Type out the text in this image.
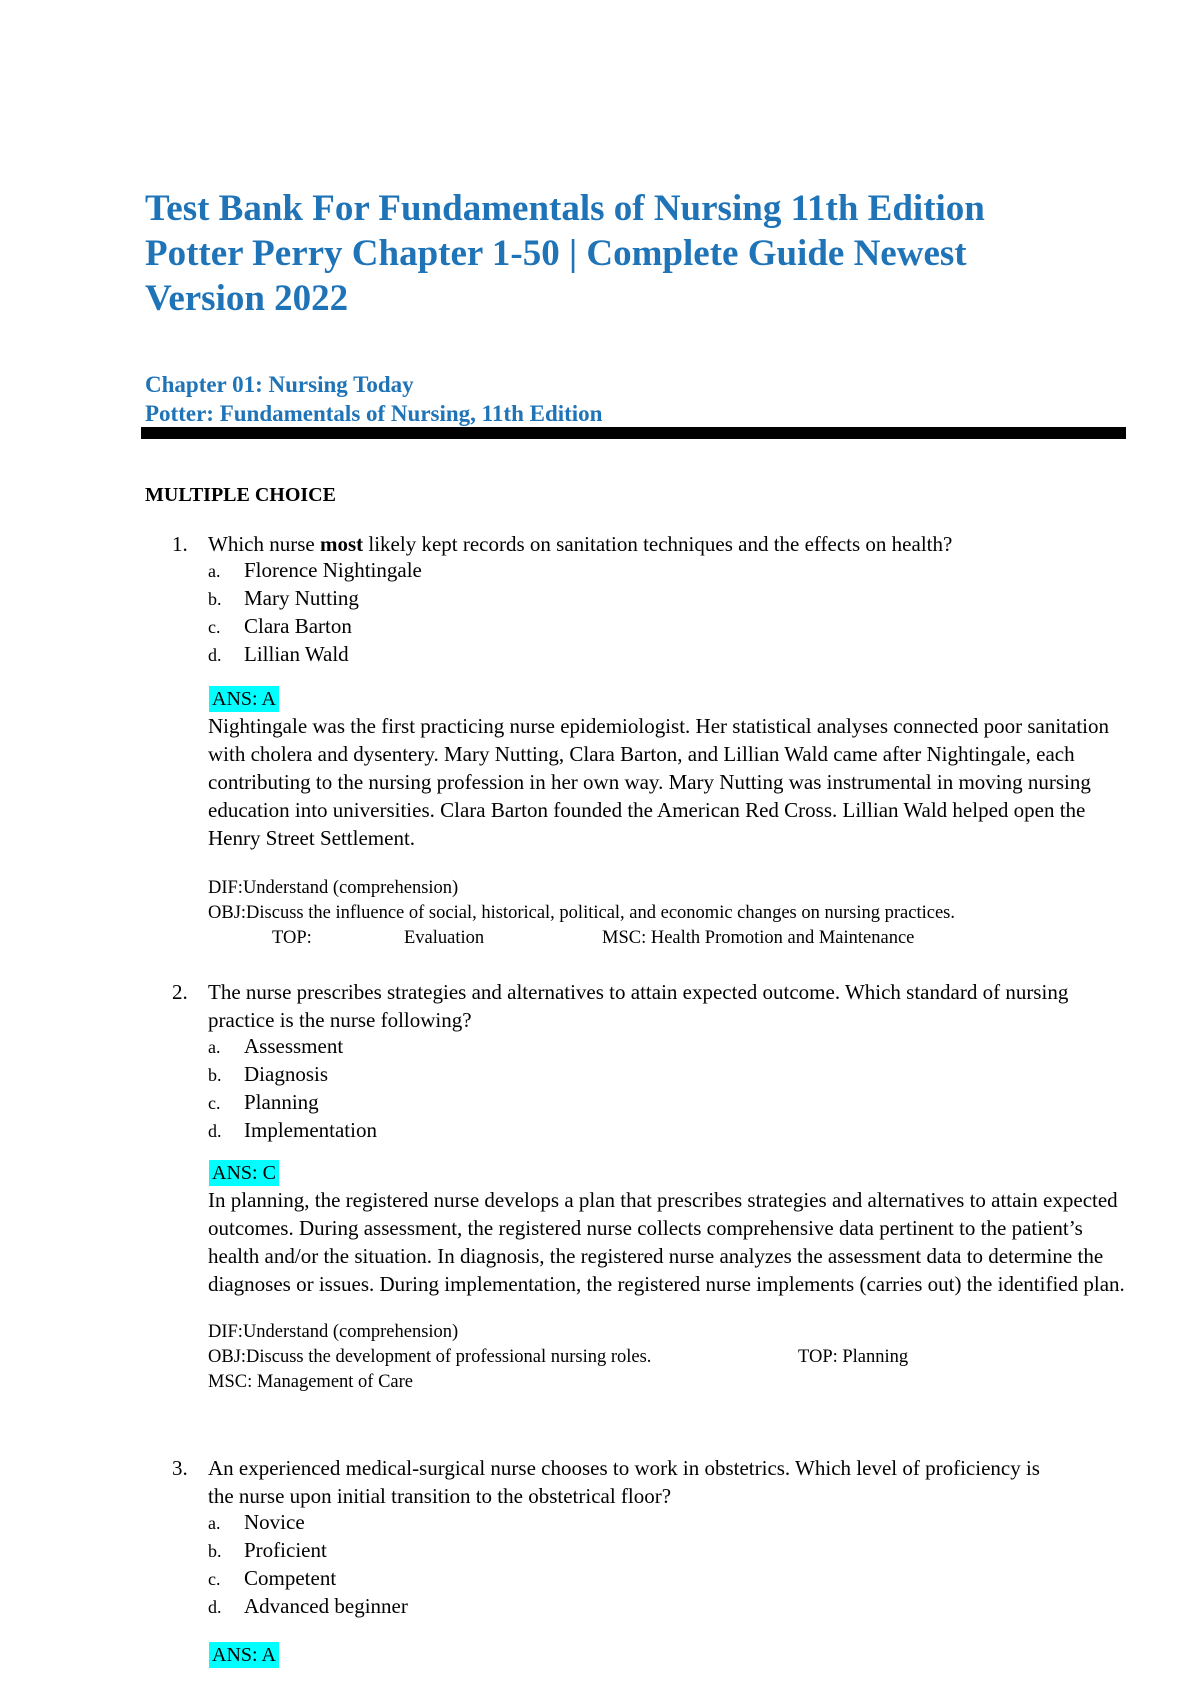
Test Bank For Fundamentals of Nursing 11th Edition Potter Perry Chapter 1-50 | Complete Guide Newest Version 2022
Chapter 01: Nursing Today
Potter: Fundamentals of Nursing, 11th Edition
MULTIPLE CHOICE
1. Which nurse most likely kept records on sanitation techniques and the effects on health?
a. Florence Nightingale
b. Mary Nutting
c. Clara Barton
d. Lillian Wald
ANS: A
Nightingale was the first practicing nurse epidemiologist. Her statistical analyses connected poor sanitation with cholera and dysentery. Mary Nutting, Clara Barton, and Lillian Wald came after Nightingale, each contributing to the nursing profession in her own way. Mary Nutting was instrumental in moving nursing education into universities. Clara Barton founded the American Red Cross. Lillian Wald helped open the Henry Street Settlement.
DIF:Understand (comprehension)
OBJ:Discuss the influence of social, historical, political, and economic changes on nursing practices.
TOP:	Evaluation	MSC: Health Promotion and Maintenance
2. The nurse prescribes strategies and alternatives to attain expected outcome. Which standard of nursing practice is the nurse following?
a. Assessment
b. Diagnosis
c. Planning
d. Implementation
ANS: C
In planning, the registered nurse develops a plan that prescribes strategies and alternatives to attain expected outcomes. During assessment, the registered nurse collects comprehensive data pertinent to the patient’s health and/or the situation. In diagnosis, the registered nurse analyzes the assessment data to determine the diagnoses or issues. During implementation, the registered nurse implements (carries out) the identified plan.
DIF:Understand (comprehension)
OBJ:Discuss the development of professional nursing roles.	TOP: Planning
MSC: Management of Care
3. An experienced medical-surgical nurse chooses to work in obstetrics. Which level of proficiency is the nurse upon initial transition to the obstetrical floor?
a. Novice
b. Proficient
c. Competent
d. Advanced beginner
ANS: A
